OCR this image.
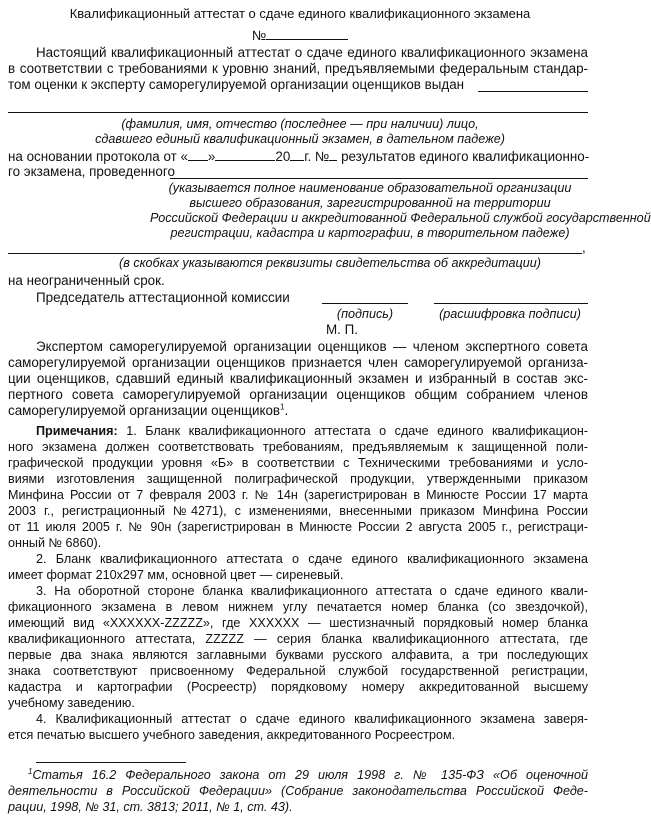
Квалификационный аттестат о сдаче единого квалификационного экзамена
№
Настоящий квалификационный аттестат о сдаче единого квалификационного экзамена
в соответствии с требованиями к уровню знаний, предъявляемыми федеральным стандар-
том оценки к эксперту саморегулируемой организации оценщиков выдан
(фамилия, имя, отчество (последнее — при наличии) лицо,
сдавшего единый квалификационный экзамен, в дательном падеже)
на основании протокола от « »	20 г. № результатов единого квалификационно-
го экзамена, проведенного
(указывается полное наименование образовательной организации
высшего образования, зарегистрированной на территории
Российской Федерации и аккредитованной Федеральной службой государственной
регистрации, кадастра и картографии, в творительном падеже)
,
(в скобках указываются реквизиты свидетельства об аккредитации)
на неограниченный срок.
Председатель аттестационной комиссии
(подпись)	(расшифровка подписи)
М. П.
Экспертом саморегулируемой организации оценщиков — членом экспертного совета
саморегулируемой организации оценщиков признается член саморегулируемой организа-
ции оценщиков, сдавший единый квалификационный экзамен и избранный в состав экс-
пертного совета саморегулируемой организации оценщиков общим собранием членов
саморегулируемой организации оценщиков$^1$.
Примечания: 1. Бланк квалификационного аттестата о сдаче единого квалификацион-
ного экзамена должен соответствовать требованиям, предъявляемым к защищенной поли-
графической продукции уровня «Б» в соответствии с Техническими требованиями и усло-
виями изготовления защищенной полиграфической продукции, утвержденными приказом
Минфина России от 7 февраля 2003 г. № 14н (зарегистрирован в Минюсте России 17 марта
2003 г., регистрационный №4271), с изменениями, внесенными приказом Минфина России
от 11 июля 2005 г. № 90н (зарегистрирован в Минюсте России 2 августа 2005 г., регистраци-
онный № 6860).
2. Бланк квалификационного аттестата о сдаче единого квалификационного экзамена
имеет формат 210х297 мм, основной цвет — сиреневый.
3. На оборотной стороне бланка квалификационного аттестата о сдаче единого квали-
фикационного экзамена в левом нижнем углу печатается номер бланка (со звездочкой),
имеющий вид «XXXXXX-ZZZZZ», где XXXXXX — шестизначный порядковый номер бланка
квалификационного аттестата, ZZZZZ — серия бланка квалификационного аттестата, где
первые два знака являются заглавными буквами русского алфавита, а три последующих
знака соответствуют присвоенному Федеральной службой государственной регистрации,
кадастра и картографии (Росреестр) порядковому номеру аккредитованной высшему
учебному заведению.
4. Квалификационный аттестат о сдаче единого квалификационного экзамена заверя-
ется печатью высшего учебного заведения, аккредитованного Росреестром.
$^1$Статья 16.2 Федерального закона от 29 июля 1998 г. № 135-ФЗ «Об оценочной
деятельности в Российской Федерации» (Собрание законодательства Российской Феде-
рации, 1998, № 31, ст. 3813; 2011, № 1, ст. 43).
